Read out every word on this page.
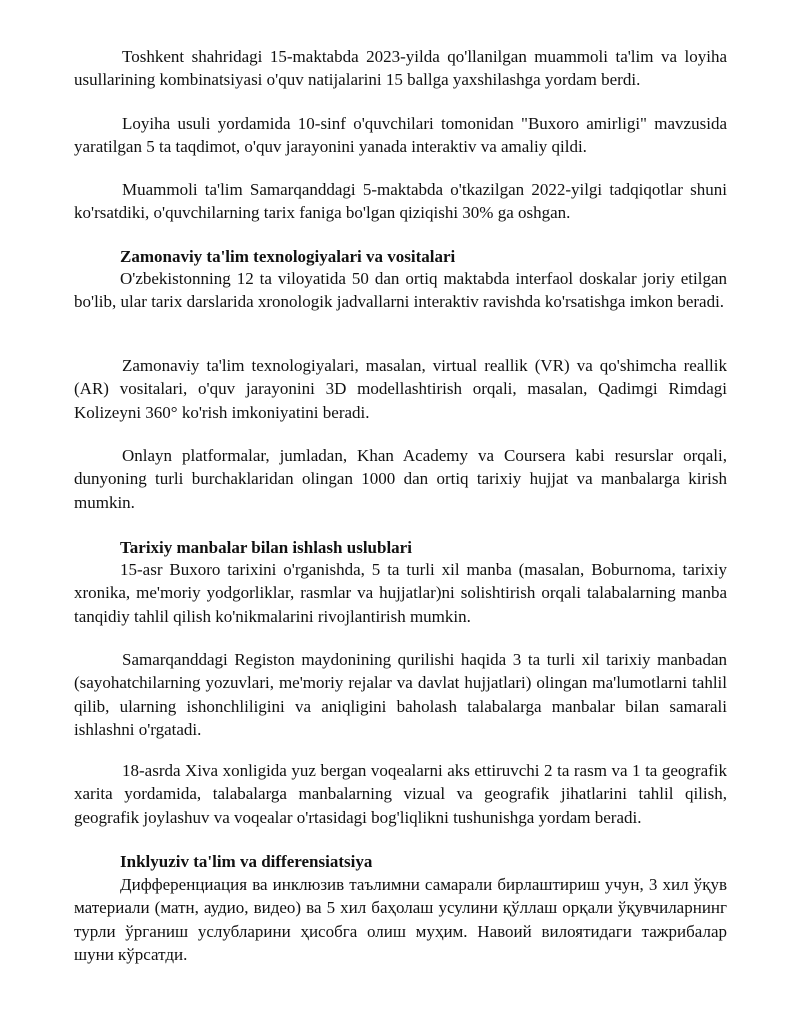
Toshkent shahridagi 15-maktabda 2023-yilda qo'llanilgan muammoli ta'lim va loyiha usullarining kombinatsiyasi o'quv natijalarini 15 ballga yaxshilashga yordam berdi.

Loyiha usuli yordamida 10-sinf o'quvchilari tomonidan "Buxoro amirligi" mavzusida yaratilgan 5 ta taqdimot, o'quv jarayonini yanada interaktiv va amaliy qildi.

Muammoli ta'lim Samarqanddagi 5-maktabda o'tkazilgan 2022-yilgi tadqiqotlar shuni ko'rsatdiki, o'quvchilarning tarix faniga bo'lgan qiziqishi 30% ga oshgan.

Zamonaviy ta'lim texnologiyalari va vositalari

O'zbekistonning 12 ta viloyatida 50 dan ortiq maktabda interfaol doskalar joriy etilgan bo'lib, ular tarix darslarida xronologik jadvallarni interaktiv ravishda ko'rsatishga imkon beradi.

Zamonaviy ta'lim texnologiyalari, masalan, virtual reallik (VR) va qo'shimcha reallik (AR) vositalari, o'quv jarayonini 3D modellashtirish orqali, masalan, Qadimgi Rimdagi Kolizeyni 360° ko'rish imkoniyatini beradi.

Onlayn platformalar, jumladan, Khan Academy va Coursera kabi resurslar orqali, dunyoning turli burchaklaridan olingan 1000 dan ortiq tarixiy hujjat va manbalarga kirish mumkin.

Tarixiy manbalar bilan ishlash uslublari

15-asr Buxoro tarixini o'rganishda, 5 ta turli xil manba (masalan, Boburnoma, tarixiy xronika, me'moriy yodgorliklar, rasmlar va hujjatlar)ni solishtirish orqali talabalarning manba tanqidiy tahlil qilish ko'nikmalarini rivojlantirish mumkin.

Samarqanddagi Registon maydonining qurilishi haqida 3 ta turli xil tarixiy manbadan (sayohatchilarning yozuvlari, me'moriy rejalar va davlat hujjatlari) olingan ma'lumotlarni tahlil qilib, ularning ishonchliligini va aniqligini baholash talabalarga manbalar bilan samarali ishlashni o'rgatadi.

18-asrda Xiva xonligida yuz bergan voqealarni aks ettiruvchi 2 ta rasm va 1 ta geografik xarita yordamida, talabalarga manbalarning vizual va geografik jihatlarini tahlil qilish, geografik joylashuv va voqealar o'rtasidagi bog'liqlikni tushunishga yordam beradi.

Inklyuziv ta'lim va differensiatsiya

Дифференциация ва инклюзив таълимни самарали бирлаштириш учун, 3 хил ўқув материали (матн, аудио, видео) ва 5 хил баҳолаш усулини қўллаш орқали ўқувчиларнинг турли ўрганиш услубларини ҳисобга олиш муҳим. Навоий вилоятидаги тажрибалар шуни кўрсатди.
